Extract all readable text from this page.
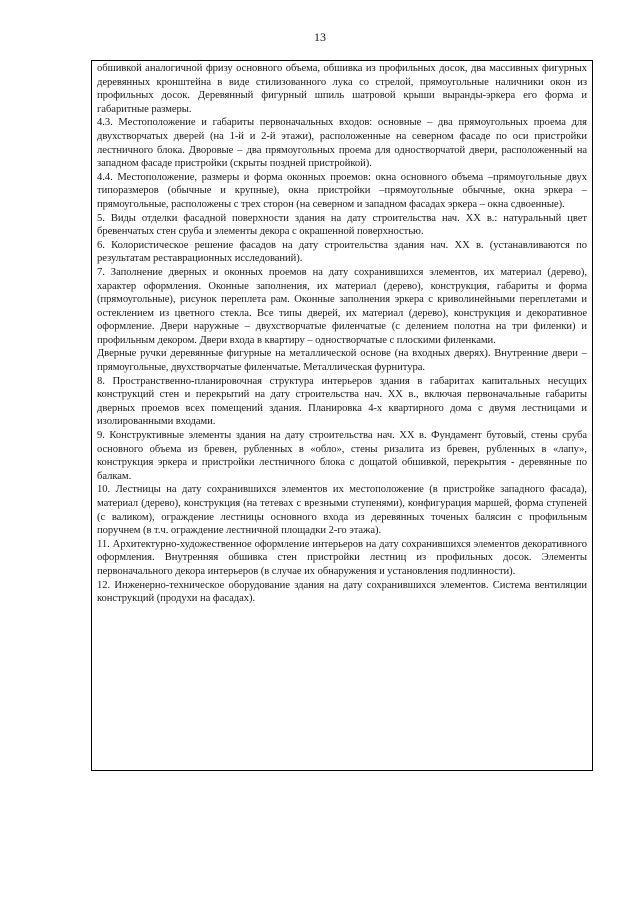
13

обшивкой аналогичной фризу основного объема, обшивка из профильных досок, два массивных фигурных деревянных кронштейна в виде стилизованного лука со стрелой, прямоугольные наличники окон из профильных досок. Деревянный фигурный шпиль шатровой крыши выранды-эркера его форма и габаритные размеры.

4.3. Местоположение и габариты первоначальных входов: основные – два прямоугольных проема для двухстворчатых дверей (на 1-й и 2-й этажи), расположенные на северном фасаде по оси пристройки лестничного блока. Дворовые – два прямоугольных проема для одностворчатой двери, расположенный на западном фасаде пристройки (скрыты поздней пристройкой).

4.4. Местоположение, размеры и форма оконных проемов: окна основного объема –прямоугольные двух типоразмеров (обычные и крупные), окна пристройки –прямоугольные обычные, окна эркера – прямоугольные, расположены с трех сторон (на северном и западном фасадах эркера – окна сдвоенные).

5. Виды отделки фасадной поверхности здания на дату строительства нач. XX в.: натуральный цвет бревенчатых стен сруба и элементы декора с окрашенной поверхностью.

6. Колористическое решение фасадов на дату строительства здания нач. XX в. (устанавливаются по результатам реставрационных исследований).

7. Заполнение дверных и оконных проемов на дату сохранившихся элементов, их материал (дерево), характер оформления. Оконные заполнения, их материал (дерево), конструкция, габариты и форма (прямоугольные), рисунок переплета рам. Оконные заполнения эркера с криволинейными переплетами и остеклением из цветного стекла. Все типы дверей, их материал (дерево), конструкция и декоративное оформление. Двери наружные – двухстворчатые филенчатые (с делением полотна на три филенки) и профильным декором. Двери входа в квартиру – одностворчатые с плоскими филенками.

Дверные ручки деревянные фигурные на металлической основе (на входных дверях). Внутренние двери – прямоугольные, двухстворчатые филенчатые. Металлическая фурнитура.

8. Пространственно-планировочная структура интерьеров здания в габаритах капитальных несущих конструкций стен и перекрытий на дату строительства нач. XX в., включая первоначальные габариты дверных проемов всех помещений здания. Планировка 4-х квартирного дома с двумя лестницами и изолированными входами.

9. Конструктивные элементы здания на дату строительства нач. XX в. Фундамент бутовый, стены сруба основного объема из бревен, рубленных в «обло», стены ризалита из бревен, рубленных в «лапу», конструкция эркера и пристройки лестничного блока с дощатой обшивкой, перекрытия - деревянные по балкам.

10. Лестницы на дату сохранившихся элементов их местоположение (в пристройке западного фасада), материал (дерево), конструкция (на тетевах с врезными ступенями), конфигурация маршей, форма ступеней (с валиком), ограждение лестницы основного входа из деревянных точеных балясин с профильным поручнем (в т.ч. ограждение лестничной площадки 2-го этажа).

11. Архитектурно-художественное оформление интерьеров на дату сохранившихся элементов декоративного оформления. Внутренняя обшивка стен пристройки лестниц из профильных досок. Элементы первоначального декора интерьеров (в случае их обнаружения и установления подлинности).

12. Инженерно-техническое оборудование здания на дату сохранившихся элементов. Система вентиляции конструкций (продухи на фасадах).
